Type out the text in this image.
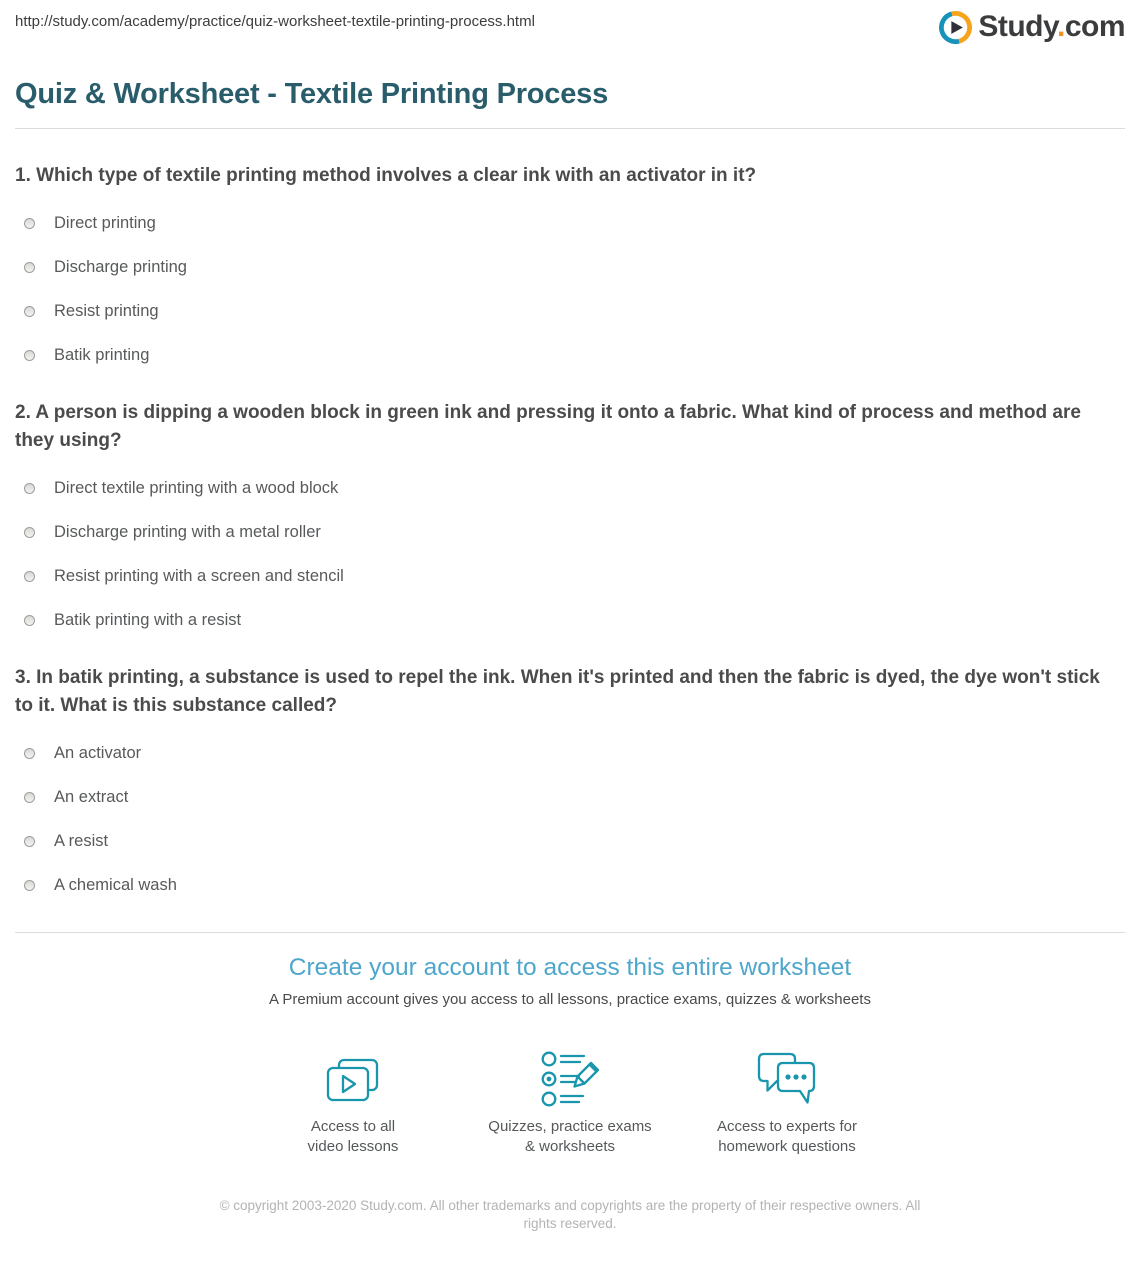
http://study.com/academy/practice/quiz-worksheet-textile-printing-process.html	Study.com
Quiz & Worksheet - Textile Printing Process
1. Which type of textile printing method involves a clear ink with an activator in it?
Direct printing
Discharge printing
Resist printing
Batik printing
2. A person is dipping a wooden block in green ink and pressing it onto a fabric. What kind of process and method are they using?
Direct textile printing with a wood block
Discharge printing with a metal roller
Resist printing with a screen and stencil
Batik printing with a resist
3. In batik printing, a substance is used to repel the ink. When it's printed and then the fabric is dyed, the dye won't stick to it. What is this substance called?
An activator
An extract
A resist
A chemical wash
Create your account to access this entire worksheet
A Premium account gives you access to all lessons, practice exams, quizzes & worksheets
Access to all
video lessons
Quizzes, practice exams
& worksheets
Access to experts for
homework questions
© copyright 2003-2020 Study.com. All other trademarks and copyrights are the property of their respective owners. All rights reserved.
